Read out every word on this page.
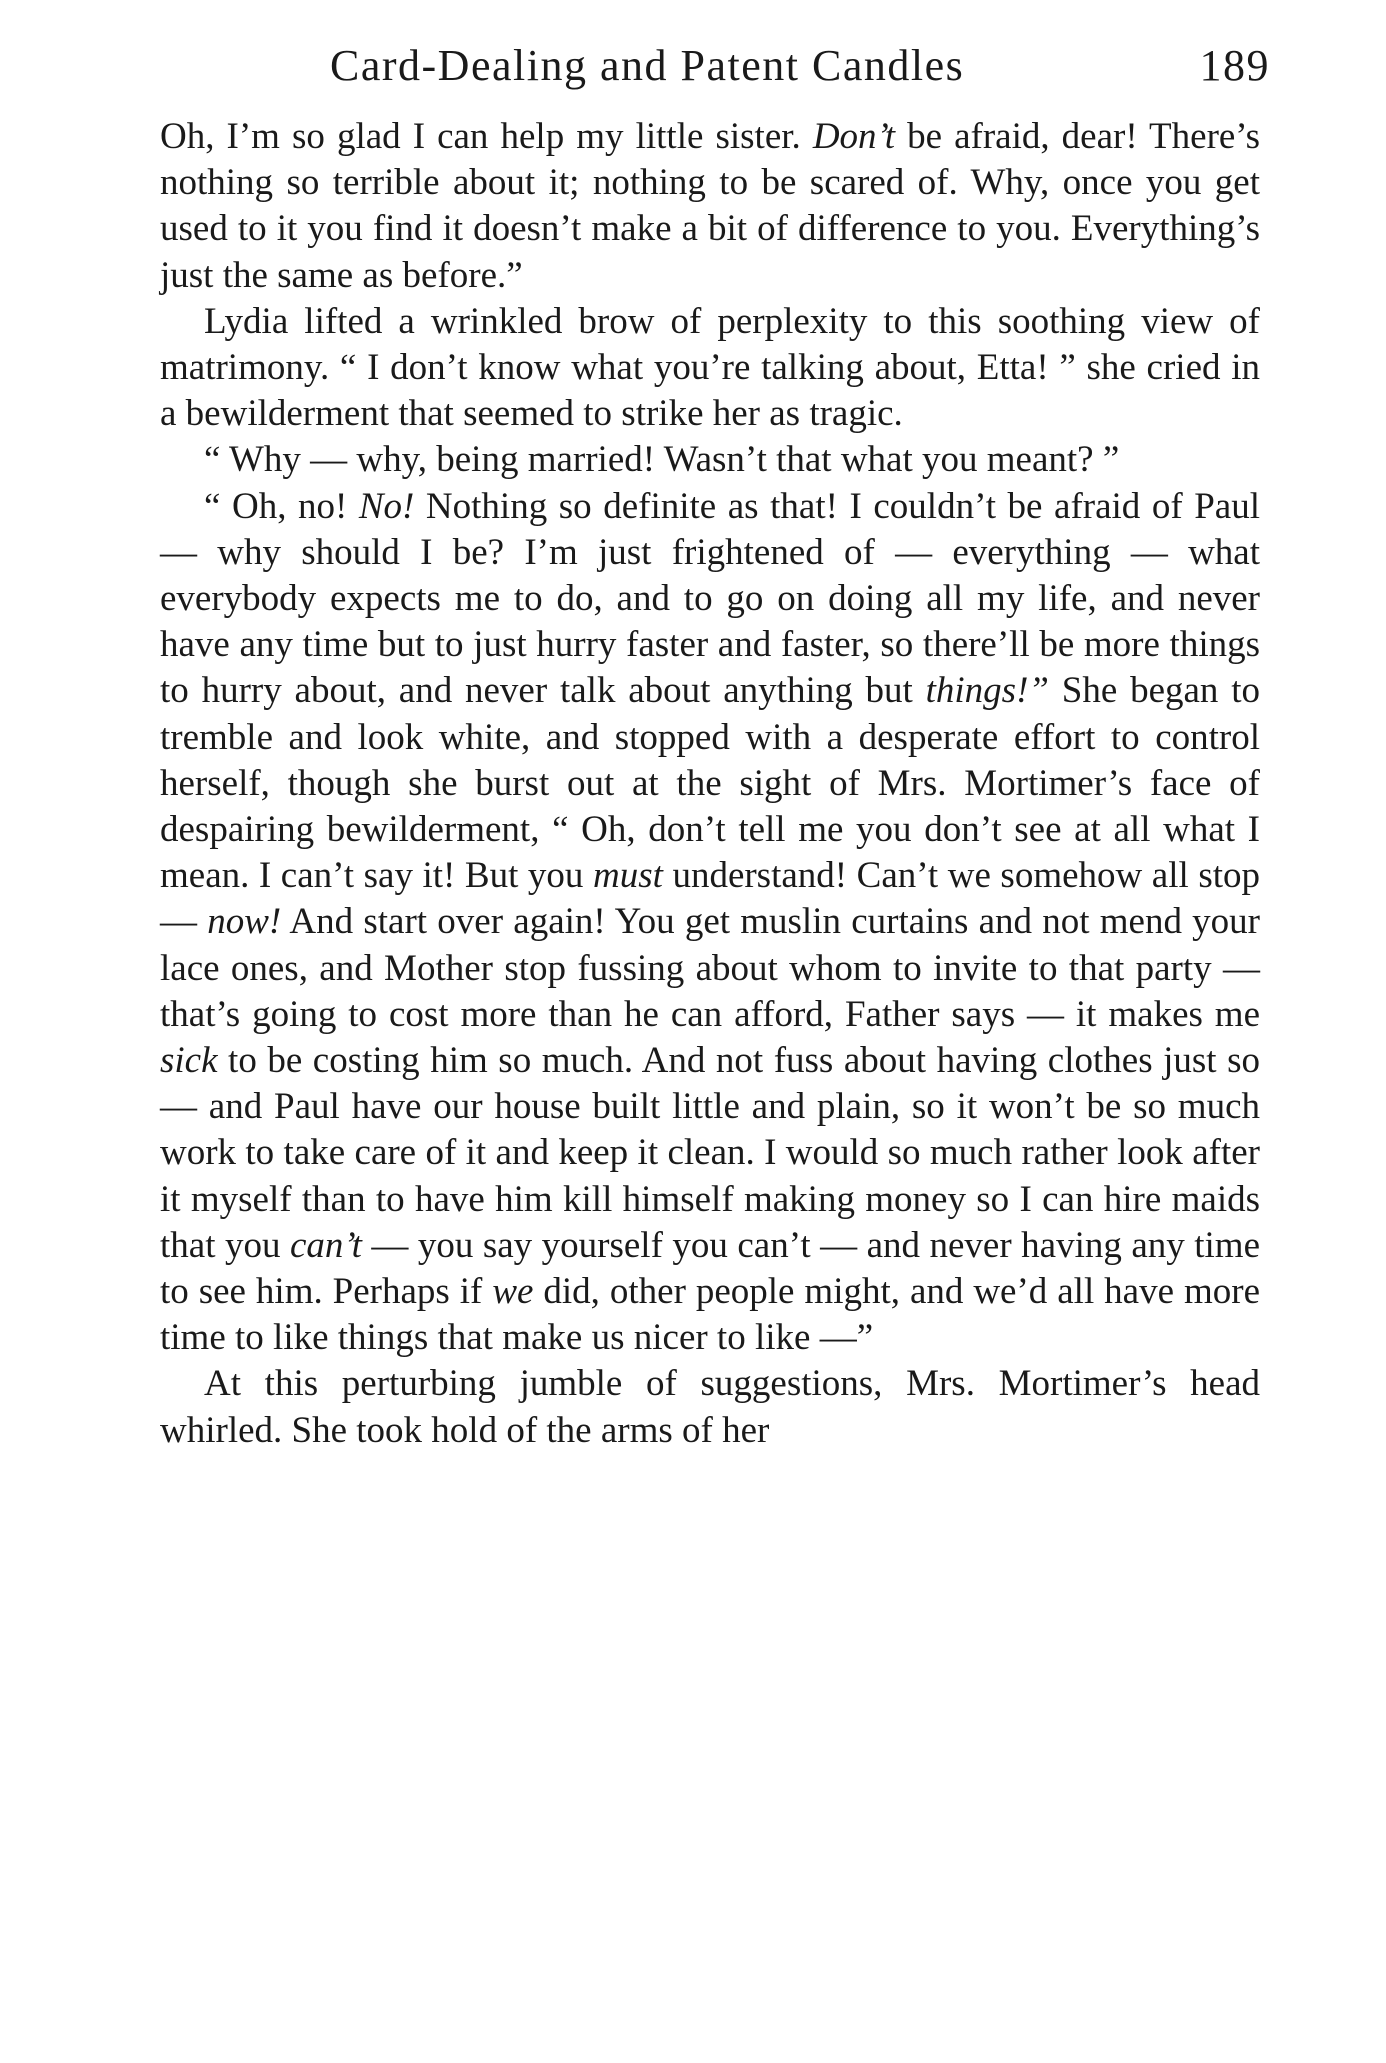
Card-Dealing and Patent Candles	189

Oh, I’m so glad I can help my little sister. Don’t be afraid, dear! There’s nothing so terrible about it; nothing to be scared of. Why, once you get used to it you find it doesn’t make a bit of difference to you. Everything’s just the same as before.”

Lydia lifted a wrinkled brow of perplexity to this soothing view of matrimony. “ I don’t know what you’re talking about, Etta! ” she cried in a bewilderment that seemed to strike her as tragic.

“ Why — why, being married! Wasn’t that what you meant? ”

“ Oh, no! No! Nothing so definite as that! I couldn’t be afraid of Paul — why should I be? I’m just frightened of — everything — what everybody expects me to do, and to go on doing all my life, and never have any time but to just hurry faster and faster, so there’ll be more things to hurry about, and never talk about anything but things!” She began to tremble and look white, and stopped with a desperate effort to control herself, though she burst out at the sight of Mrs. Mortimer’s face of despairing bewilderment, “ Oh, don’t tell me you don’t see at all what I mean. I can’t say it! But you must understand! Can’t we somehow all stop — now! And start over again! You get muslin curtains and not mend your lace ones, and Mother stop fussing about whom to invite to that party — that’s going to cost more than he can afford, Father says — it makes me sick to be costing him so much. And not fuss about having clothes just so — and Paul have our house built little and plain, so it won’t be so much work to take care of it and keep it clean. I would so much rather look after it myself than to have him kill himself making money so I can hire maids that you can’t — you say yourself you can’t — and never having any time to see him. Perhaps if we did, other people might, and we’d all have more time to like things that make us nicer to like —”

At this perturbing jumble of suggestions, Mrs. Mortimer’s head whirled. She took hold of the arms of her
